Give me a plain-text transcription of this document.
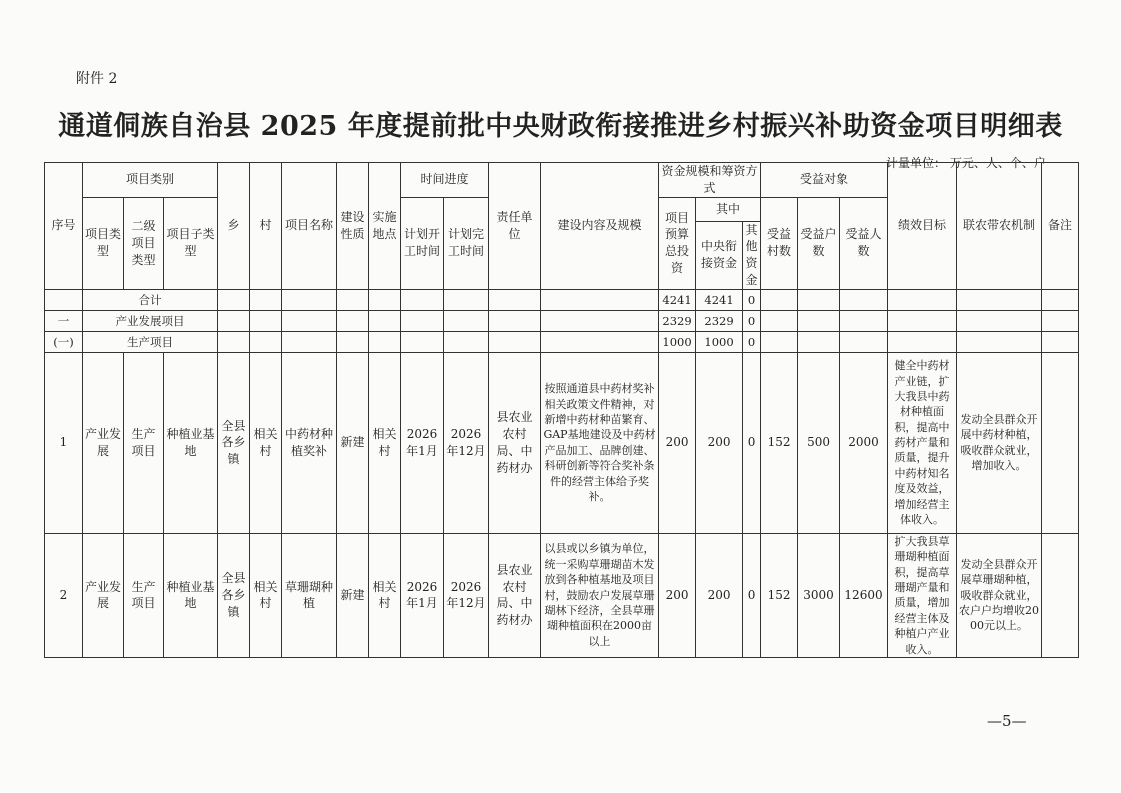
附件 2
通道侗族自治县 2025 年度提前批中央财政衔接推进乡村振兴补助资金项目明细表
计量单位： 万元、人、个、户
序号	项目类别			乡	村	项目名称	建设性质	实施地点	时间进度		责任单位	建设内容及规模	资金规模和筹资方式			受益对象			绩效目标	联农带农机制	备注
	项目类型	二级项目类型	项目子类型						计划开工时间	计划完工时间			项目预算总投资	其中		受益村数	受益户数	受益人数			
														中央衔接资金	其他资金						
	合计												4241	4241	0						
一	产业发展项目												2329	2329	0						
(一)	生产项目												1000	1000	0						
1	产业发展	生产项目	种植业基地	全县各乡镇	相关村	中药材种植奖补	新建	相关村	2026年1月	2026年12月	县农业农村局、中药材办	按照通道县中药材奖补相关政策文件精神，对新增中药材种苗繁育、GAP基地建设及中药材产品加工、品牌创建、科研创新等符合奖补条件的经营主体给予奖补。	200	200	0	152	500	2000	健全中药材产业链，扩大我县中药材种植面积，提高中药材产量和质量，提升中药材知名度及效益，增加经营主体收入。	发动全县群众开展中药材种植，吸收群众就业，增加收入。	
2	产业发展	生产项目	种植业基地	全县各乡镇	相关村	草珊瑚种植	新建	相关村	2026年1月	2026年12月	县农业农村局、中药材办	以县或以乡镇为单位，统一采购草珊瑚苗木发放到各种植基地及项目村，鼓励农户发展草珊瑚林下经济，全县草珊瑚种植面积在2000亩以上	200	200	0	152	3000	12600	扩大我县草珊瑚种植面积，提高草珊瑚产量和质量，增加经营主体及种植户产业收入。	发动全县群众开展草珊瑚种植，吸收群众就业，农户户均增收2000元以上。	
—5—
